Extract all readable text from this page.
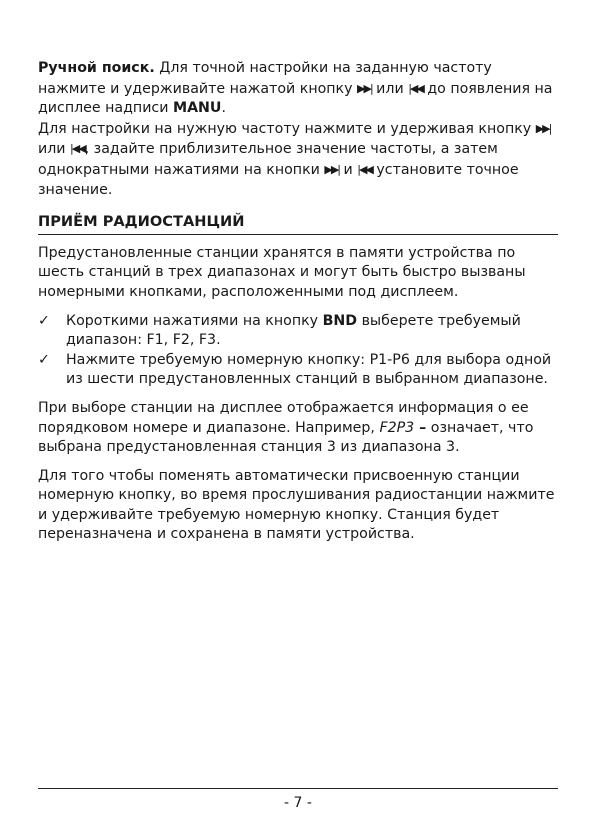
Ручной поиск. Для точной настройки на заданную частоту нажмите и удерживайте нажатой кнопку ▶▶| или |◀◀ до появления на дисплее надписи MANU.
Для настройки на нужную частоту нажмите и удерживая кнопку ▶▶| или |◀◀, задайте приблизительное значение частоты, а затем однократными нажатиями на кнопки ▶▶| и |◀◀ установите точное значение.

ПРИЁМ РАДИОСТАНЦИЙ

Предустановленные станции хранятся в памяти устройства по шесть станций в трех диапазонах и могут быть быстро вызваны номерными кнопками, расположенными под дисплеем.

✓ Короткими нажатиями на кнопку BND выберете требуемый диапазон: F1, F2, F3.
✓ Нажмите требуемую номерную кнопку: P1-P6 для выбора одной из шести предустановленных станций в выбранном диапазоне.

При выборе станции на дисплее отображается информация о ее порядковом номере и диапазоне. Например, F2P3 – означает, что выбрана предустановленная станция 3 из диапазона 3.

Для того чтобы поменять автоматически присвоенную станции номерную кнопку, во время прослушивания радиостанции нажмите и удерживайте требуемую номерную кнопку. Станция будет переназначена и сохранена в памяти устройства.

- 7 -
